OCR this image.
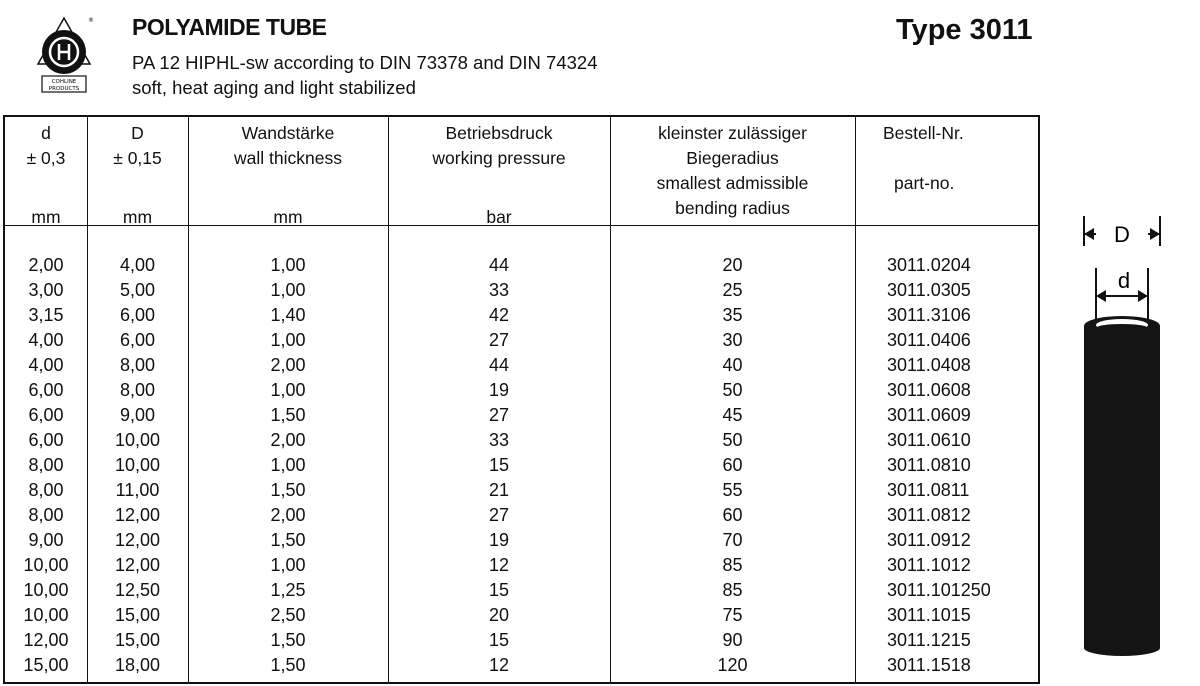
®
COHLINE
PRODUCTS
POLYAMIDE TUBE
PA 12 HIPHL-sw according to DIN 73378 and DIN 74324
soft, heat aging and light stabilized
Type 3011
d
± 0,3
mm
D
± 0,15
mm
Wandstärke
wall thickness
mm
Betriebsdruck
working pressure
bar
kleinster zulässiger
Biegeradius
smallest admissible
bending radius
Bestell-Nr.
part-no.
2,00	4,00	1,00	44	20	3011.0204
3,00	5,00	1,00	33	25	3011.0305
3,15	6,00	1,40	42	35	3011.3106
4,00	6,00	1,00	27	30	3011.0406
4,00	8,00	2,00	44	40	3011.0408
6,00	8,00	1,00	19	50	3011.0608
6,00	9,00	1,50	27	45	3011.0609
6,00	10,00	2,00	33	50	3011.0610
8,00	10,00	1,00	15	60	3011.0810
8,00	11,00	1,50	21	55	3011.0811
8,00	12,00	2,00	27	60	3011.0812
9,00	12,00	1,50	19	70	3011.0912
10,00	12,00	1,00	12	85	3011.1012
10,00	12,50	1,25	15	85	3011.101250
10,00	15,00	2,50	20	75	3011.1015
12,00	15,00	1,50	15	90	3011.1215
15,00	18,00	1,50	12	120	3011.1518
D
d
